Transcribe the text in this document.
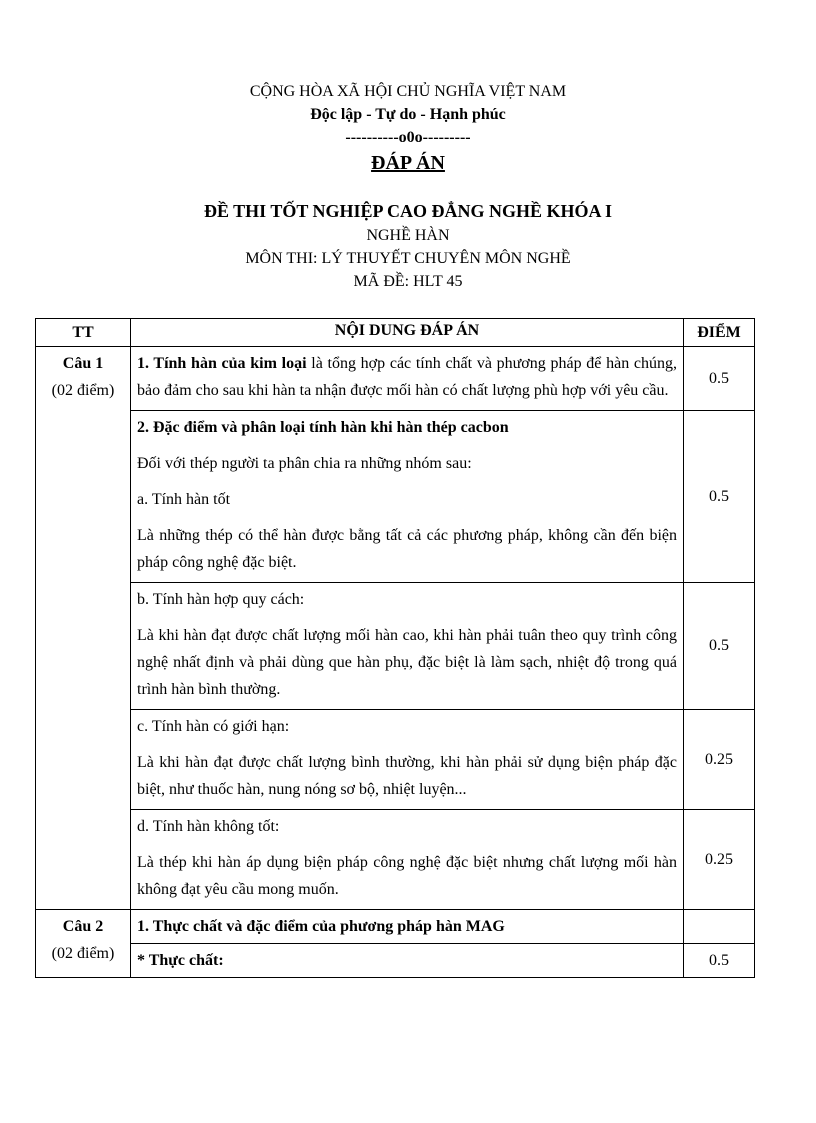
CỘNG HÒA XÃ HỘI CHỦ NGHĨA VIỆT NAM
Độc lập - Tự do - Hạnh phúc
----------o0o---------
ĐÁP ÁN
ĐỀ THI TỐT NGHIỆP CAO ĐẲNG NGHỀ KHÓA I
NGHỀ HÀN
MÔN THI: LÝ THUYẾT CHUYÊN MÔN NGHỀ
MÃ ĐỀ: HLT 45
TT	NỘI DUNG ĐÁP ÁN	ĐIỂM

Câu 1
(02 điểm)	1. Tính hàn của kim loại là tổng hợp các tính chất và phương pháp để hàn chúng, bảo đảm cho sau khi hàn ta nhận được mối hàn có chất lượng phù hợp với yêu cầu.	0.5

	2. Đặc điểm và phân loại tính hàn khi hàn thép cacbon

Đối với thép người ta phân chia ra những nhóm sau:

a. Tính hàn tốt

Là những thép có thể hàn được bằng tất cả các phương pháp, không cần đến biện pháp công nghệ đặc biệt.	0.5

	b. Tính hàn hợp quy cách:

Là khi hàn đạt được chất lượng mối hàn cao, khi hàn phải tuân theo quy trình công nghệ nhất định và phải dùng que hàn phụ, đặc biệt là làm sạch, nhiệt độ trong quá trình hàn bình thường.	0.5

	c. Tính hàn có giới hạn:

Là khi hàn đạt được chất lượng bình thường, khi hàn phải sử dụng biện pháp đặc biệt, như thuốc hàn, nung nóng sơ bộ, nhiệt luyện...	0.25

	d. Tính hàn không tốt:

Là thép khi hàn áp dụng biện pháp công nghệ đặc biệt nhưng chất lượng mối hàn không đạt yêu cầu mong muốn.	0.25

Câu 2
(02 điểm)	1. Thực chất và đặc điểm của phương pháp hàn MAG	

	* Thực chất:	0.5
